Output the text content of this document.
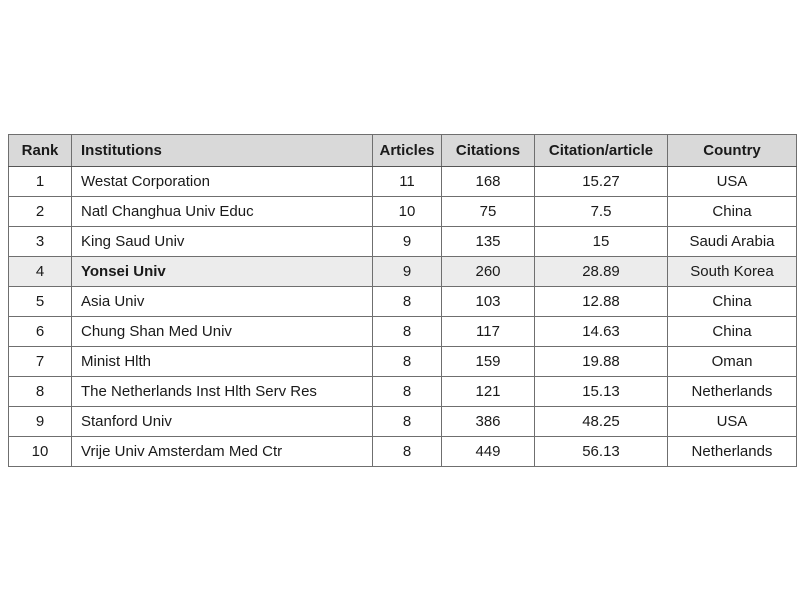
Rank	Institutions	Articles	Citations	Citation/article	Country
1	Westat Corporation	11	168	15.27	USA
2	Natl Changhua Univ Educ	10	75	7.5	China
3	King Saud Univ	9	135	15	Saudi Arabia
4	Yonsei Univ	9	260	28.89	South Korea
5	Asia Univ	8	103	12.88	China
6	Chung Shan Med Univ	8	117	14.63	China
7	Minist Hlth	8	159	19.88	Oman
8	The Netherlands Inst Hlth Serv Res	8	121	15.13	Netherlands
9	Stanford Univ	8	386	48.25	USA
10	Vrije Univ Amsterdam Med Ctr	8	449	56.13	Netherlands
